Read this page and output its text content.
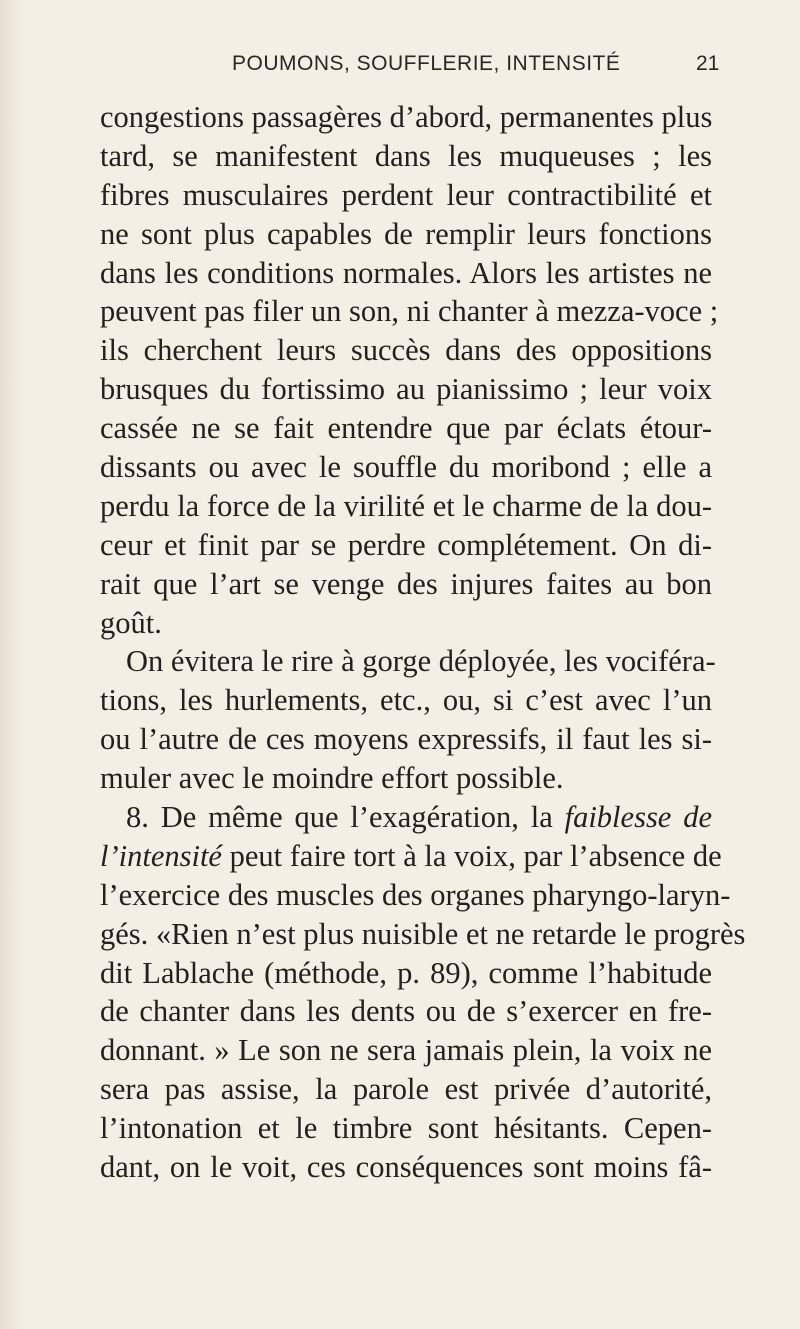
POUMONS, SOUFFLERIE, INTENSITÉ	21
congestions passagères d’abord, permanentes plus
tard, se manifestent dans les muqueuses ; les
fibres musculaires perdent leur contractibilité et
ne sont plus capables de remplir leurs fonctions
dans les conditions normales. Alors les artistes ne
peuvent pas filer un son, ni chanter à mezza-voce ;
ils cherchent leurs succès dans des oppositions
brusques du fortissimo au pianissimo ; leur voix
cassée ne se fait entendre que par éclats étour-
dissants ou avec le souffle du moribond ; elle a
perdu la force de la virilité et le charme de la dou-
ceur et finit par se perdre complétement. On di-
rait que l’art se venge des injures faites au bon
goût.
On évitera le rire à gorge déployée, les vociféra-
tions, les hurlements, etc., ou, si c’est avec l’un
ou l’autre de ces moyens expressifs, il faut les si-
muler avec le moindre effort possible.
8. De même que l’exagération, la faiblesse de
l’intensité peut faire tort à la voix, par l’absence de
l’exercice des muscles des organes pharyngo-laryn-
gés. «Rien n’est plus nuisible et ne retarde le progrès
dit Lablache (méthode, p. 89), comme l’habitude
de chanter dans les dents ou de s’exercer en fre-
donnant. » Le son ne sera jamais plein, la voix ne
sera pas assise, la parole est privée d’autorité,
l’intonation et le timbre sont hésitants. Cepen-
dant, on le voit, ces conséquences sont moins fâ-
